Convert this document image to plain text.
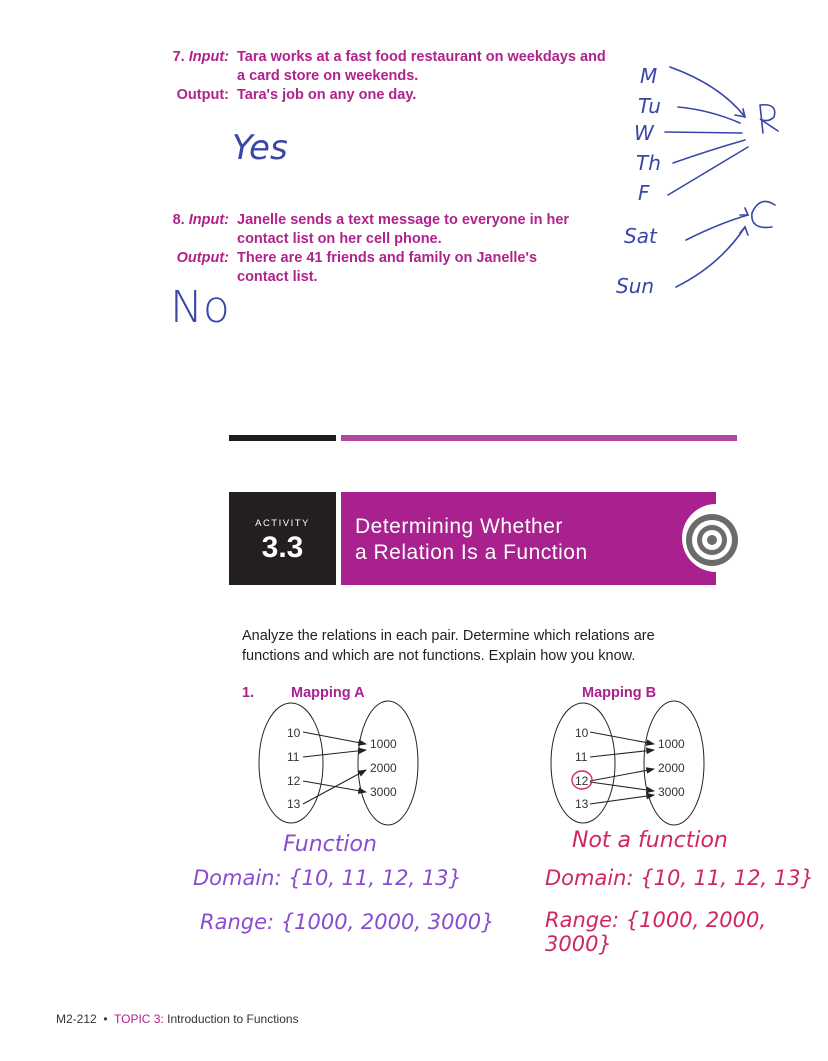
7. Input: Tara works at a fast food restaurant on weekdays and
a card store on weekends.
Output: Tara's job on any one day.
Yes
M
Tu
W
Th
F
Sat
Sun
8. Input: Janelle sends a text message to everyone in her
contact list on her cell phone.
Output: There are 41 friends and family on Janelle's
contact list.
No
ACTIVITY
3.3
Determining Whether
a Relation Is a Function
Analyze the relations in each pair. Determine which relations are
functions and which are not functions. Explain how you know.
1.	Mapping A	Mapping B
10
11
12
13
1000
2000
3000
10
11
12
13
1000
2000
3000
Function
Domain: {10, 11, 12, 13}
Range: {1000, 2000, 3000}
Not a function
Domain: {10, 11, 12, 13}
Range: {1000, 2000, 3000}
M2-212 • TOPIC 3: Introduction to Functions
